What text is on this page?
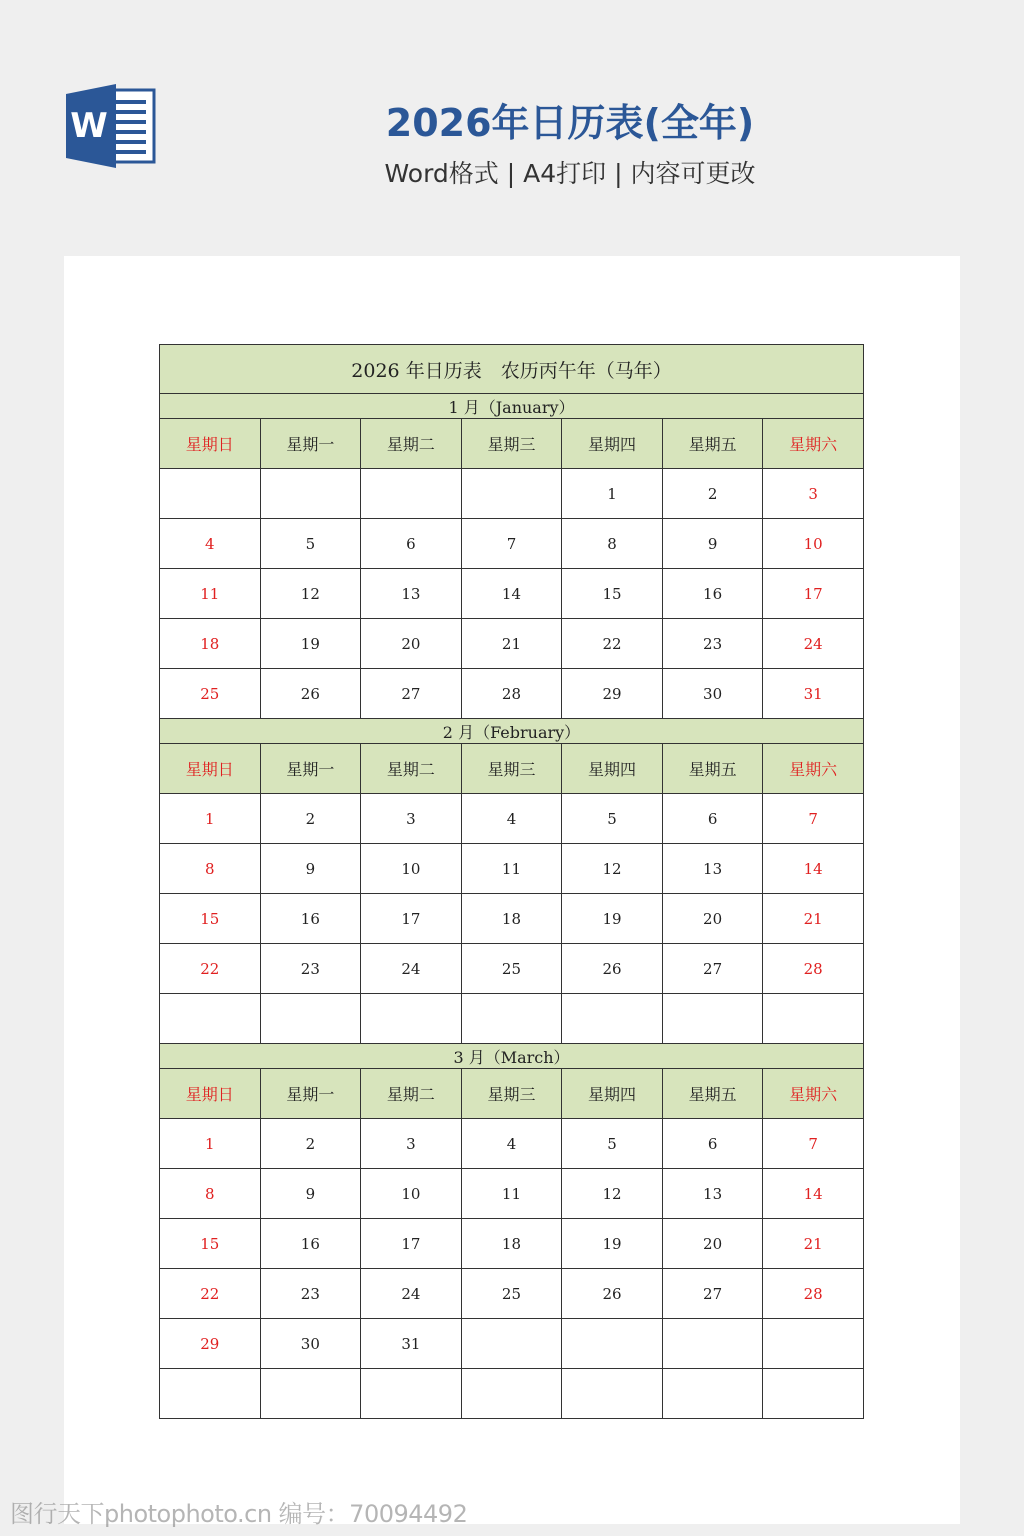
W	2026年日历表(全年)
Word格式 | A4打印 | 内容可更改
2026 年日历表　农历丙午年（马年）						
1 月（January）						
星期日	星期一	星期二	星期三	星期四	星期五	星期六
				1	2	3
4	5	6	7	8	9	10
11	12	13	14	15	16	17
18	19	20	21	22	23	24
25	26	27	28	29	30	31
2 月（February）						
星期日	星期一	星期二	星期三	星期四	星期五	星期六
1	2	3	4	5	6	7
8	9	10	11	12	13	14
15	16	17	18	19	20	21
22	23	24	25	26	27	28

3 月（March）						
星期日	星期一	星期二	星期三	星期四	星期五	星期六
1	2	3	4	5	6	7
8	9	10	11	12	13	14
15	16	17	18	19	20	21
22	23	24	25	26	27	28
29	30	31				

图行天下photophoto.cn 编号：70094492
